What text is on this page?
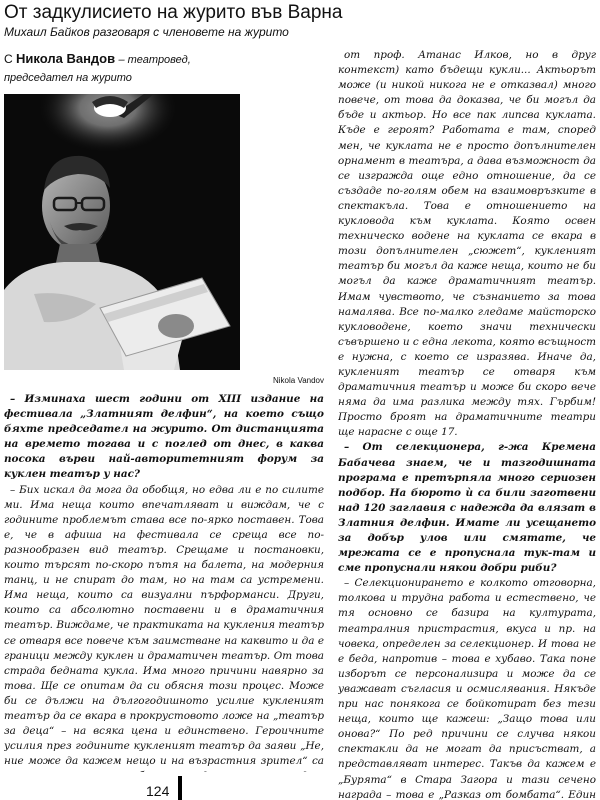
От задкулисието на журито във Варна
Михаил Байков разговаря с членовете на журито
С Никола Вандов – театровед, председател на журито
Nikola Vandov

– Изминаха шест години от XIII издание на фестивала „Златният делфин“, на което също бяхте председател на журито. От дистанцията на времето тогава и с поглед от днес, в каква посока върви най-авторитетният форум за куклен театър у нас?

– Бих искал да мога да обобщя, но едва ли е по силите ми. Има неща които впечатляват и виждам, че с годините проблемът става все по-ярко поставен. Това е, че в афиша на фестивала се среща все по-разнообразен вид театър. Срещаме и постановки, които търсят по-скоро пътя на балета, на модерния танц, и не спират до там, но на там са устремени. Има неща, които са визуални пърформанси. Други, които са абсолютно поставени и в драматичния театър. Виждаме, че практиката на кукления театър се отваря все повече към заимстване на каквито и да е граници между куклен и драматичен театър. От това страда бедната кукла. Има много причини навярно за това. Ще се опитам да си обясня този процес. Може би се дължи на дългогодишното усилие кукленият театър да се вкара в прокрустовото ложе на „театър за деца“ – на всяка цена и единствено. Героичните усилия през годините кукленият театър да заяви „Не, ние може да кажем нещо и на възрастния зрител“ са

от проф. Атанас Илков, но в друг контекст) като бъдещи кукли... Актьорът може (и никой никога не е отказвал) много повече, от това да доказва, че би могъл да бъде и актьор. Но все пак липсва куклата. Къде е героят? Работата е там, според мен, че куклата не е просто допълнителен орнамент в театъра, а дава възможност да се изгражда още едно отношение, да се създаде по-голям обем на взаимовръзките в спектакъла. Това е отношението на кукловода към куклата. Която освен техническо водене на куклата се вкара в този допълнителен „сюжет“, кукленият театър би могъл да каже неща, които не би могъл да каже драматичният театър. Имам чувството, че съзнанието за това намалява. Все по-малко гледаме майсторско кукловодене, което значи технически съвършено и с една лекота, която всъщност е нужна, с което се изразява. Иначе да, кукленият театър се отваря към драматичния театър и може би скоро вече няма да има разлика между тях. Гърбим! Просто броят на драматичните театри ще нарасне с още 17.

– От селекционера, г-жа Кремена Бабачева знаем, че и тазгодишната програма е претърпяла много сериозен подбор. На бюрото ѝ са били заготвени над 120 заглавия с надежда да влязат в Златния делфин. Имате ли усещането за добър улов или смятате, че мрежата се е пропуснала тук-там и сме пропуснали някои добри риби?

– Селекционирането е колкото отговорна, толкова и трудна работа и естествено, че тя основно се базира на културата, театралния пристрастия, вкуса и пр. на човека, определен за селекционер. И това не е беда, напротив – това е хубаво. Така поне изборът се персонализира и може да се уважават съгласия и осмислявания. Някъде при нас понякога се бойкотират без тези неща, които ще кажеш: „Защо това или онова?“ По ред причини се случва някои спектакли да не могат да присъстват, а представляват интерес. Такъв да кажем е „Бурята“ в Стара Загора и тази сечено награда – това е „Разказ от бомбата“. Един

124
